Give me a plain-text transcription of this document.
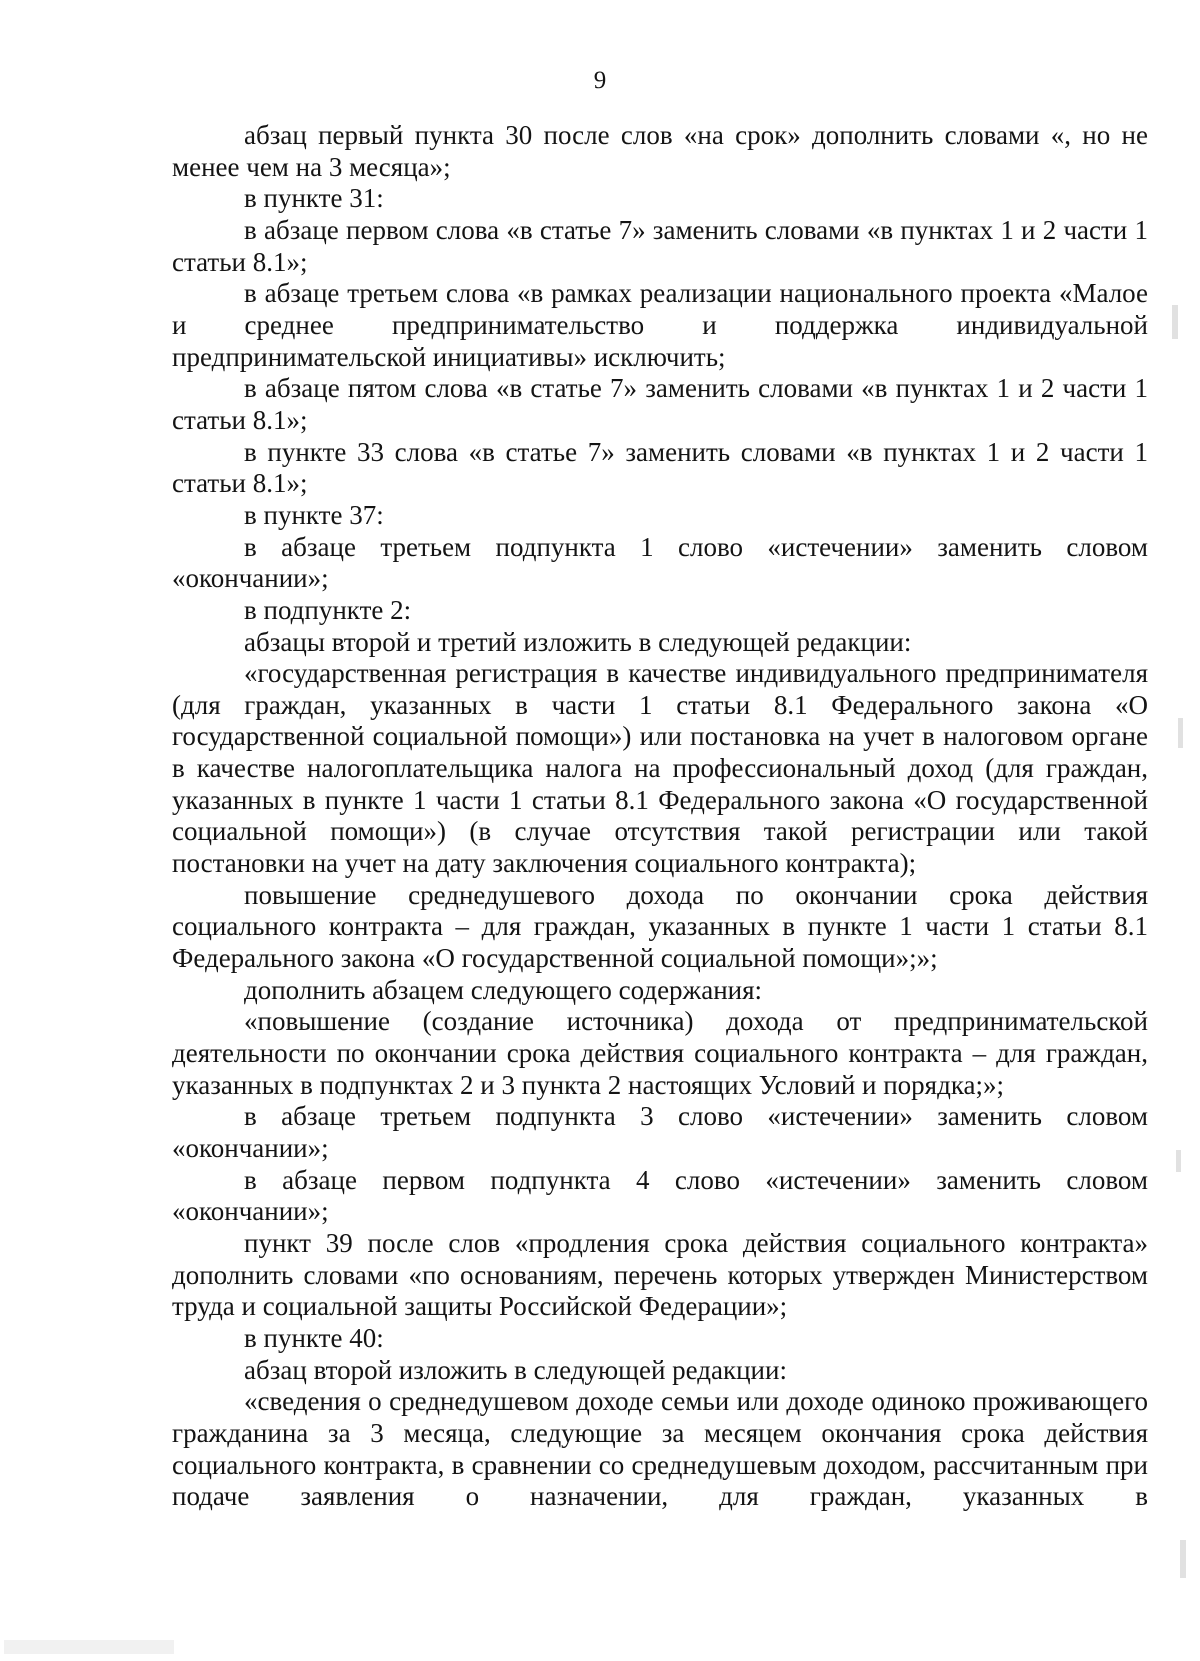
9

абзац первый пункта 30 после слов «на срок» дополнить словами «, но не менее чем на 3 месяца»;

в пункте 31:

в абзаце первом слова «в статье 7» заменить словами «в пунктах 1 и 2 части 1 статьи 8.1»;

в абзаце третьем слова «в рамках реализации национального проекта «Малое и среднее предпринимательство и поддержка индивидуальной предпринимательской инициативы» исключить;

в абзаце пятом слова «в статье 7» заменить словами «в пунктах 1 и 2 части 1 статьи 8.1»;

в пункте 33 слова «в статье 7» заменить словами «в пунктах 1 и 2 части 1 статьи 8.1»;

в пункте 37:

в абзаце третьем подпункта 1 слово «истечении» заменить словом «окончании»;

в подпункте 2:

абзацы второй и третий изложить в следующей редакции:

«государственная регистрация в качестве индивидуального предпринимателя (для граждан, указанных в части 1 статьи 8.1 Федерального закона «О государственной социальной помощи») или постановка на учет в налоговом органе в качестве налогоплательщика налога на профессиональный доход (для граждан, указанных в пункте 1 части 1 статьи 8.1 Федерального закона «О государственной социальной помощи») (в случае отсутствия такой регистрации или такой постановки на учет на дату заключения социального контракта);

повышение среднедушевого дохода по окончании срока действия социального контракта – для граждан, указанных в пункте 1 части 1 статьи 8.1 Федерального закона «О государственной социальной помощи»;»;

дополнить абзацем следующего содержания:

«повышение (создание источника) дохода от предпринимательской деятельности по окончании срока действия социального контракта – для граждан, указанных в подпунктах 2 и 3 пункта 2 настоящих Условий и порядка;»;

в абзаце третьем подпункта 3 слово «истечении» заменить словом «окончании»;

в абзаце первом подпункта 4 слово «истечении» заменить словом «окончании»;

пункт 39 после слов «продления срока действия социального контракта» дополнить словами «по основаниям, перечень которых утвержден Министерством труда и социальной защиты Российской Федерации»;

в пункте 40:

абзац второй изложить в следующей редакции:

«сведения о среднедушевом доходе семьи или доходе одиноко проживающего гражданина за 3 месяца, следующие за месяцем окончания срока действия социального контракта, в сравнении со среднедушевым доходом, рассчитанным при подаче заявления о назначении, для граждан, указанных в
